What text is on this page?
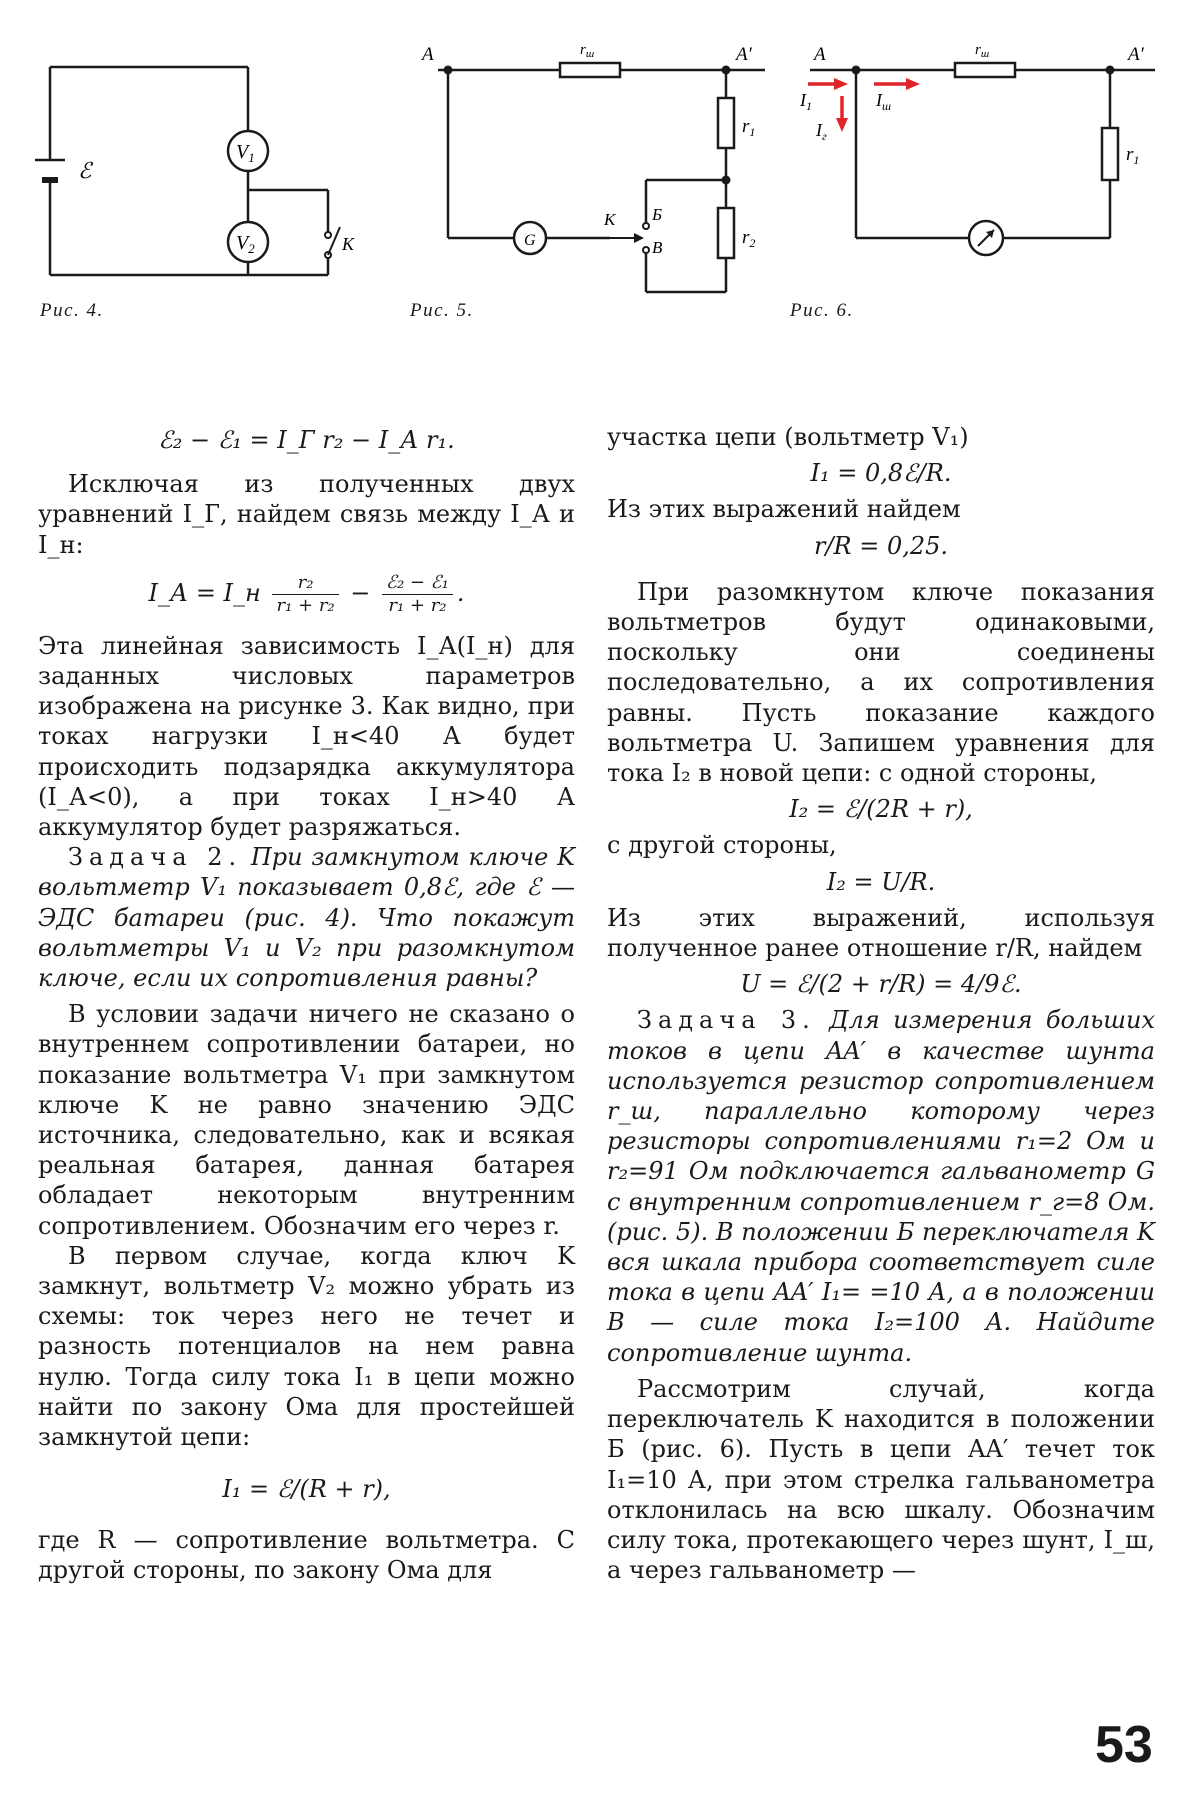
ℰ
$V_1$
$V_2$	K
Рис. 4.
A	A′
$r_ш$
$r_1$
$r_2$
G
K Б
B
Рис. 5.
A	A′
$r_ш$
$r_1$
$I_1$	$I_ш$
$I_г$
Рис. 6.
ℰ₂ − ℰ₁ = I_Г r₂ − I_А r₁.

Исключая из полученных двух уравнений I_Г, найдем связь между I_А и I_н:

I_А = I_н $\frac{\text{r₂}}{\text{r₁ + r₂}} - \frac{\text{ℰ₂ − ℰ₁}}{\text{r₁ + r₂}}$ .

Эта линейная зависимость I_А(I_н) для заданных числовых параметров изображена на рисунке 3. Как видно, при токах нагрузки I_н<40 А будет происходить подзарядка аккумулятора (I_А<0), а при токах I_н>40 А аккумулятор будет разряжаться.

Задача 2. При замкнутом ключе K вольтметр V₁ показывает 0,8ℰ, где ℰ — ЭДС батареи (рис. 4). Что покажут вольтметры V₁ и V₂ при разомкнутом ключе, если их сопротивления равны?

В условии задачи ничего не сказано о внутреннем сопротивлении батареи, но показание вольтметра V₁ при замкнутом ключе K не равно значению ЭДС источника, следовательно, как и всякая реальная батарея, данная батарея обладает некоторым внутренним сопротивлением. Обозначим его через r.

В первом случае, когда ключ K замкнут, вольтметр V₂ можно убрать из схемы: ток через него не течет и разность потенциалов на нем равна нулю. Тогда силу тока I₁ в цепи можно найти по закону Ома для простейшей замкнутой цепи:

I₁ = ℰ/(R + r),

где R — сопротивление вольтметра. С другой стороны, по закону Ома для

участка цепи (вольтметр V₁)

I₁ = 0,8ℰ/R.

Из этих выражений найдем

r/R = 0,25.

При разомкнутом ключе показания вольтметров будут одинаковыми, поскольку они соединены последовательно, а их сопротивления равны. Пусть показание каждого вольтметра U. Запишем уравнения для тока I₂ в новой цепи: с одной стороны,

I₂ = ℰ/(2R + r),

с другой стороны,

I₂ = U/R.

Из этих выражений, используя полученное ранее отношение r/R, найдем

U = ℰ/(2 + r/R) = 4/9ℰ.

Задача 3. Для измерения больших токов в цепи AA′ в качестве шунта используется резистор сопротивлением r_ш, параллельно которому через резисторы сопротивлениями r₁=2 Ом и r₂=91 Ом подключается гальванометр G с внутренним сопротивлением r_г=8 Ом. (рис. 5). В положении Б переключателя K вся шкала прибора соответствует силе тока в цепи AA′ I₁= =10 А, а в положении B — силе тока I₂=100 А. Найдите сопротивление шунта.

Рассмотрим случай, когда переключатель K находится в положении Б (рис. 6). Пусть в цепи AA′ течет ток I₁=10 А, при этом стрелка гальванометра отклонилась на всю шкалу. Обозначим силу тока, протекающего через шунт, I_ш, а через гальванометр —

53
